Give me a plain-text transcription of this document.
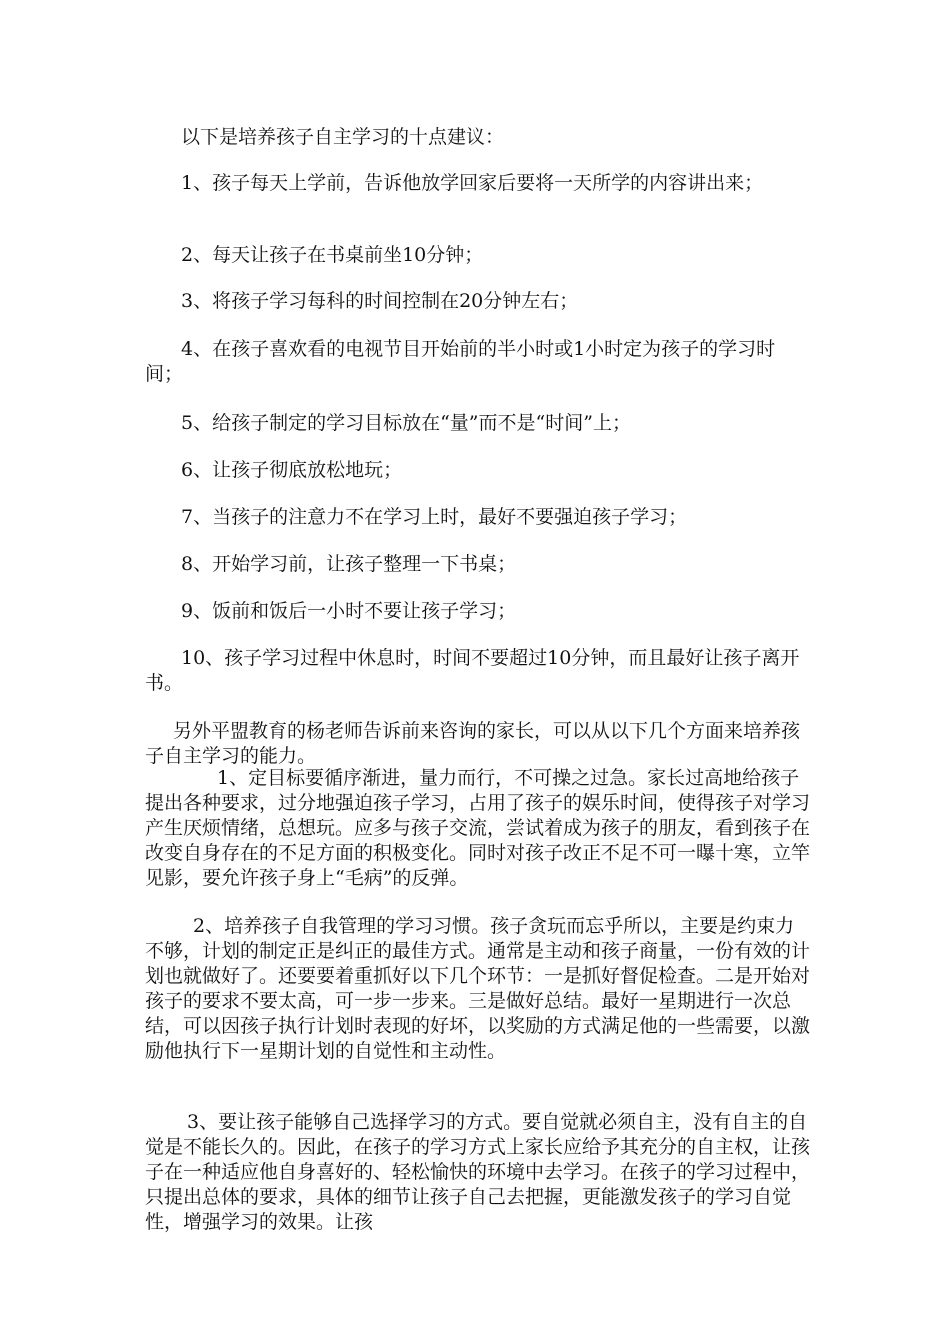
以下是培养孩子自主学习的十点建议：

1、孩子每天上学前，告诉他放学回家后要将一天所学的内容讲出来；

2、每天让孩子在书桌前坐10分钟；

3、将孩子学习每科的时间控制在20分钟左右；

4、在孩子喜欢看的电视节目开始前的半小时或1小时定为孩子的学习时间；

5、给孩子制定的学习目标放在“量”而不是“时间”上；

6、让孩子彻底放松地玩；

7、当孩子的注意力不在学习上时，最好不要强迫孩子学习；

8、开始学习前，让孩子整理一下书桌；

9、饭前和饭后一小时不要让孩子学习；

10、孩子学习过程中休息时，时间不要超过10分钟，而且最好让孩子离开书。

另外平盟教育的杨老师告诉前来咨询的家长，可以从以下几个方面来培养孩子自主学习的能力。

1、定目标要循序渐进，量力而行，不可操之过急。家长过高地给孩子提出各种要求，过分地强迫孩子学习，占用了孩子的娱乐时间，使得孩子对学习产生厌烦情绪，总想玩。应多与孩子交流，尝试着成为孩子的朋友，看到孩子在改变自身存在的不足方面的积极变化。同时对孩子改正不足不可一曝十寒，立竿见影，要允许孩子身上“毛病”的反弹。

2、培养孩子自我管理的学习习惯。孩子贪玩而忘乎所以，主要是约束力不够，计划的制定正是纠正的最佳方式。通常是主动和孩子商量，一份有效的计划也就做好了。还要要着重抓好以下几个环节：一是抓好督促检查。二是开始对孩子的要求不要太高，可一步一步来。三是做好总结。最好一星期进行一次总结，可以因孩子执行计划时表现的好坏，以奖励的方式满足他的一些需要，以激励他执行下一星期计划的自觉性和主动性。

3、要让孩子能够自己选择学习的方式。要自觉就必须自主，没有自主的自觉是不能长久的。因此，在孩子的学习方式上家长应给予其充分的自主权，让孩子在一种适应他自身喜好的、轻松愉快的环境中去学习。在孩子的学习过程中，只提出总体的要求，具体的细节让孩子自己去把握，更能激发孩子的学习自觉性，增强学习的效果。让孩
